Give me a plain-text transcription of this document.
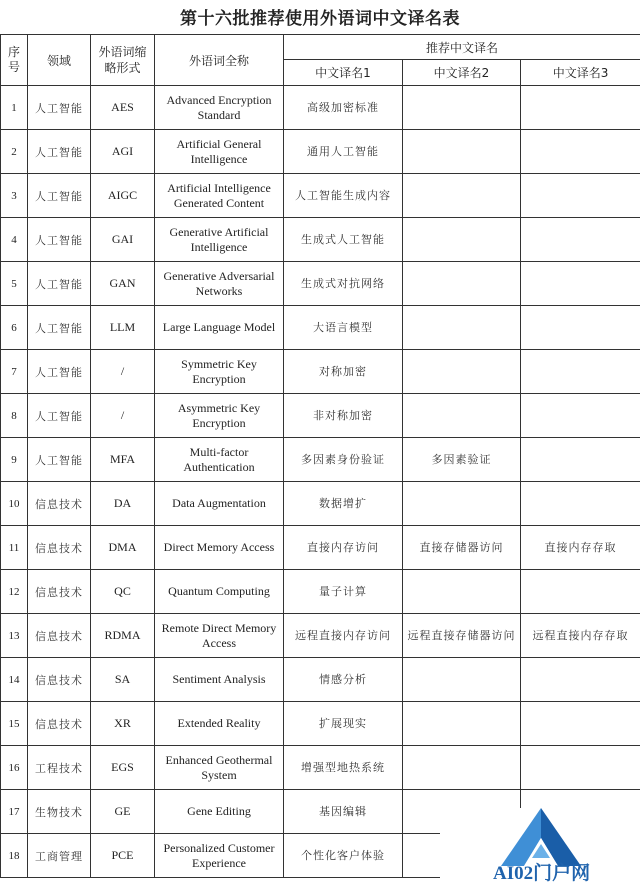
第十六批推荐使用外语词中文译名表
序号	领域	外语词缩略形式	外语词全称	推荐中文译名		
				中文译名1	中文译名2	中文译名3
1	人工智能	AES	Advanced Encryption Standard	高级加密标准		
2	人工智能	AGI	Artificial General Intelligence	通用人工智能		
3	人工智能	AIGC	Artificial Intelligence Generated Content	人工智能生成内容		
4	人工智能	GAI	Generative Artificial Intelligence	生成式人工智能		
5	人工智能	GAN	Generative Adversarial Networks	生成式对抗网络		
6	人工智能	LLM	Large Language Model	大语言模型		
7	人工智能	/	Symmetric Key Encryption	对称加密		
8	人工智能	/	Asymmetric Key Encryption	非对称加密		
9	人工智能	MFA	Multi-factor Authentication	多因素身份验证	多因素验证	
10	信息技术	DA	Data Augmentation	数据增扩		
11	信息技术	DMA	Direct Memory Access	直接内存访问	直接存储器访问	直接内存存取
12	信息技术	QC	Quantum Computing	量子计算		
13	信息技术	RDMA	Remote Direct Memory Access	远程直接内存访问	远程直接存储器访问	远程直接内存存取
14	信息技术	SA	Sentiment Analysis	情感分析		
15	信息技术	XR	Extended Reality	扩展现实		
16	工程技术	EGS	Enhanced Geothermal System	增强型地热系统		
17	生物技术	GE	Gene Editing	基因编辑		
18	工商管理	PCE	Personalized Customer Experience	个性化客户体验		
AI02门户网
